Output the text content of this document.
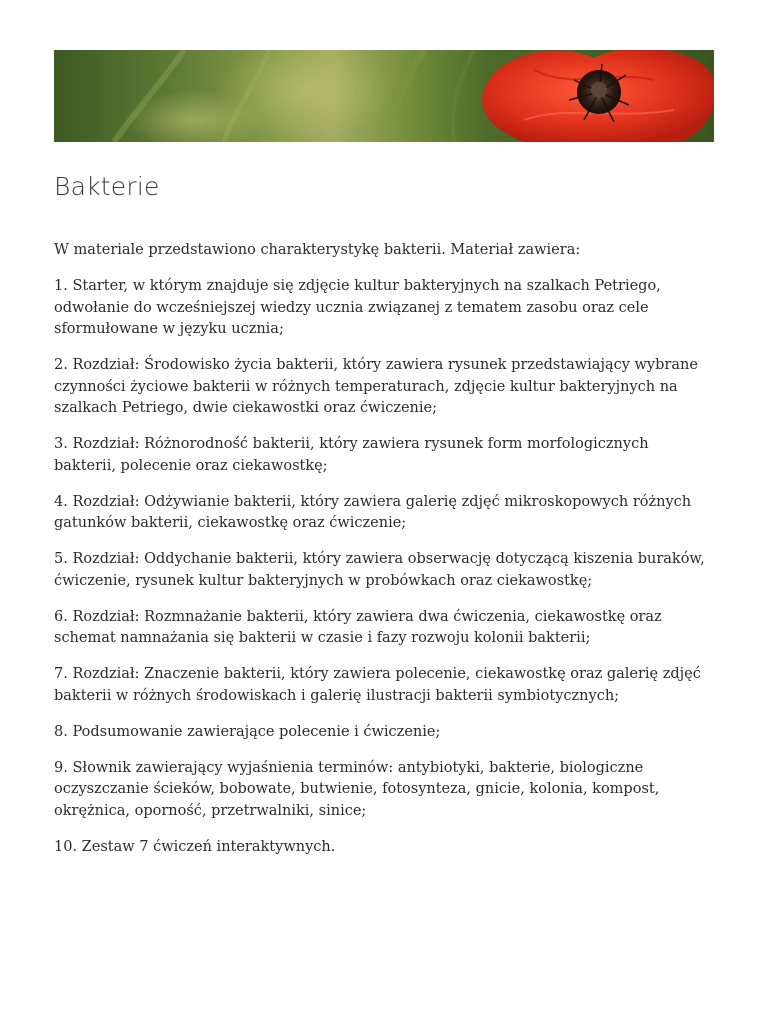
Bakterie

W materiale przedstawiono charakterystykę bakterii. Materiał zawiera:

1. Starter, w którym znajduje się zdjęcie kultur bakteryjnych na szalkach Petriego, odwołanie do wcześniejszej wiedzy ucznia związanej z tematem zasobu oraz cele sformułowane w języku ucznia;

2. Rozdział: Środowisko życia bakterii, który zawiera rysunek przedstawiający wybrane czynności życiowe bakterii w różnych temperaturach, zdjęcie kultur bakteryjnych na szalkach Petriego, dwie ciekawostki oraz ćwiczenie;

3. Rozdział: Różnorodność bakterii, który zawiera rysunek form morfologicznych bakterii, polecenie oraz ciekawostkę;

4. Rozdział: Odżywianie bakterii, który zawiera galerię zdjęć mikroskopowych różnych gatunków bakterii, ciekawostkę oraz ćwiczenie;

5. Rozdział: Oddychanie bakterii, który zawiera obserwację dotyczącą kiszenia buraków, ćwiczenie, rysunek kultur bakteryjnych w probówkach oraz ciekawostkę;

6. Rozdział: Rozmnażanie bakterii, który zawiera dwa ćwiczenia, ciekawostkę oraz schemat namnażania się bakterii w czasie i fazy rozwoju kolonii bakterii;

7. Rozdział: Znaczenie bakterii, który zawiera polecenie, ciekawostkę oraz galerię zdjęć bakterii w różnych środowiskach i galerię ilustracji bakterii symbiotycznych;

8. Podsumowanie zawierające polecenie i ćwiczenie;

9. Słownik zawierający wyjaśnienia terminów: antybiotyki, bakterie, biologiczne oczyszczanie ścieków, bobowate, butwienie, fotosynteza, gnicie, kolonia, kompost, okrężnica, oporność, przetrwalniki, sinice;

10. Zestaw 7 ćwiczeń interaktywnych.
